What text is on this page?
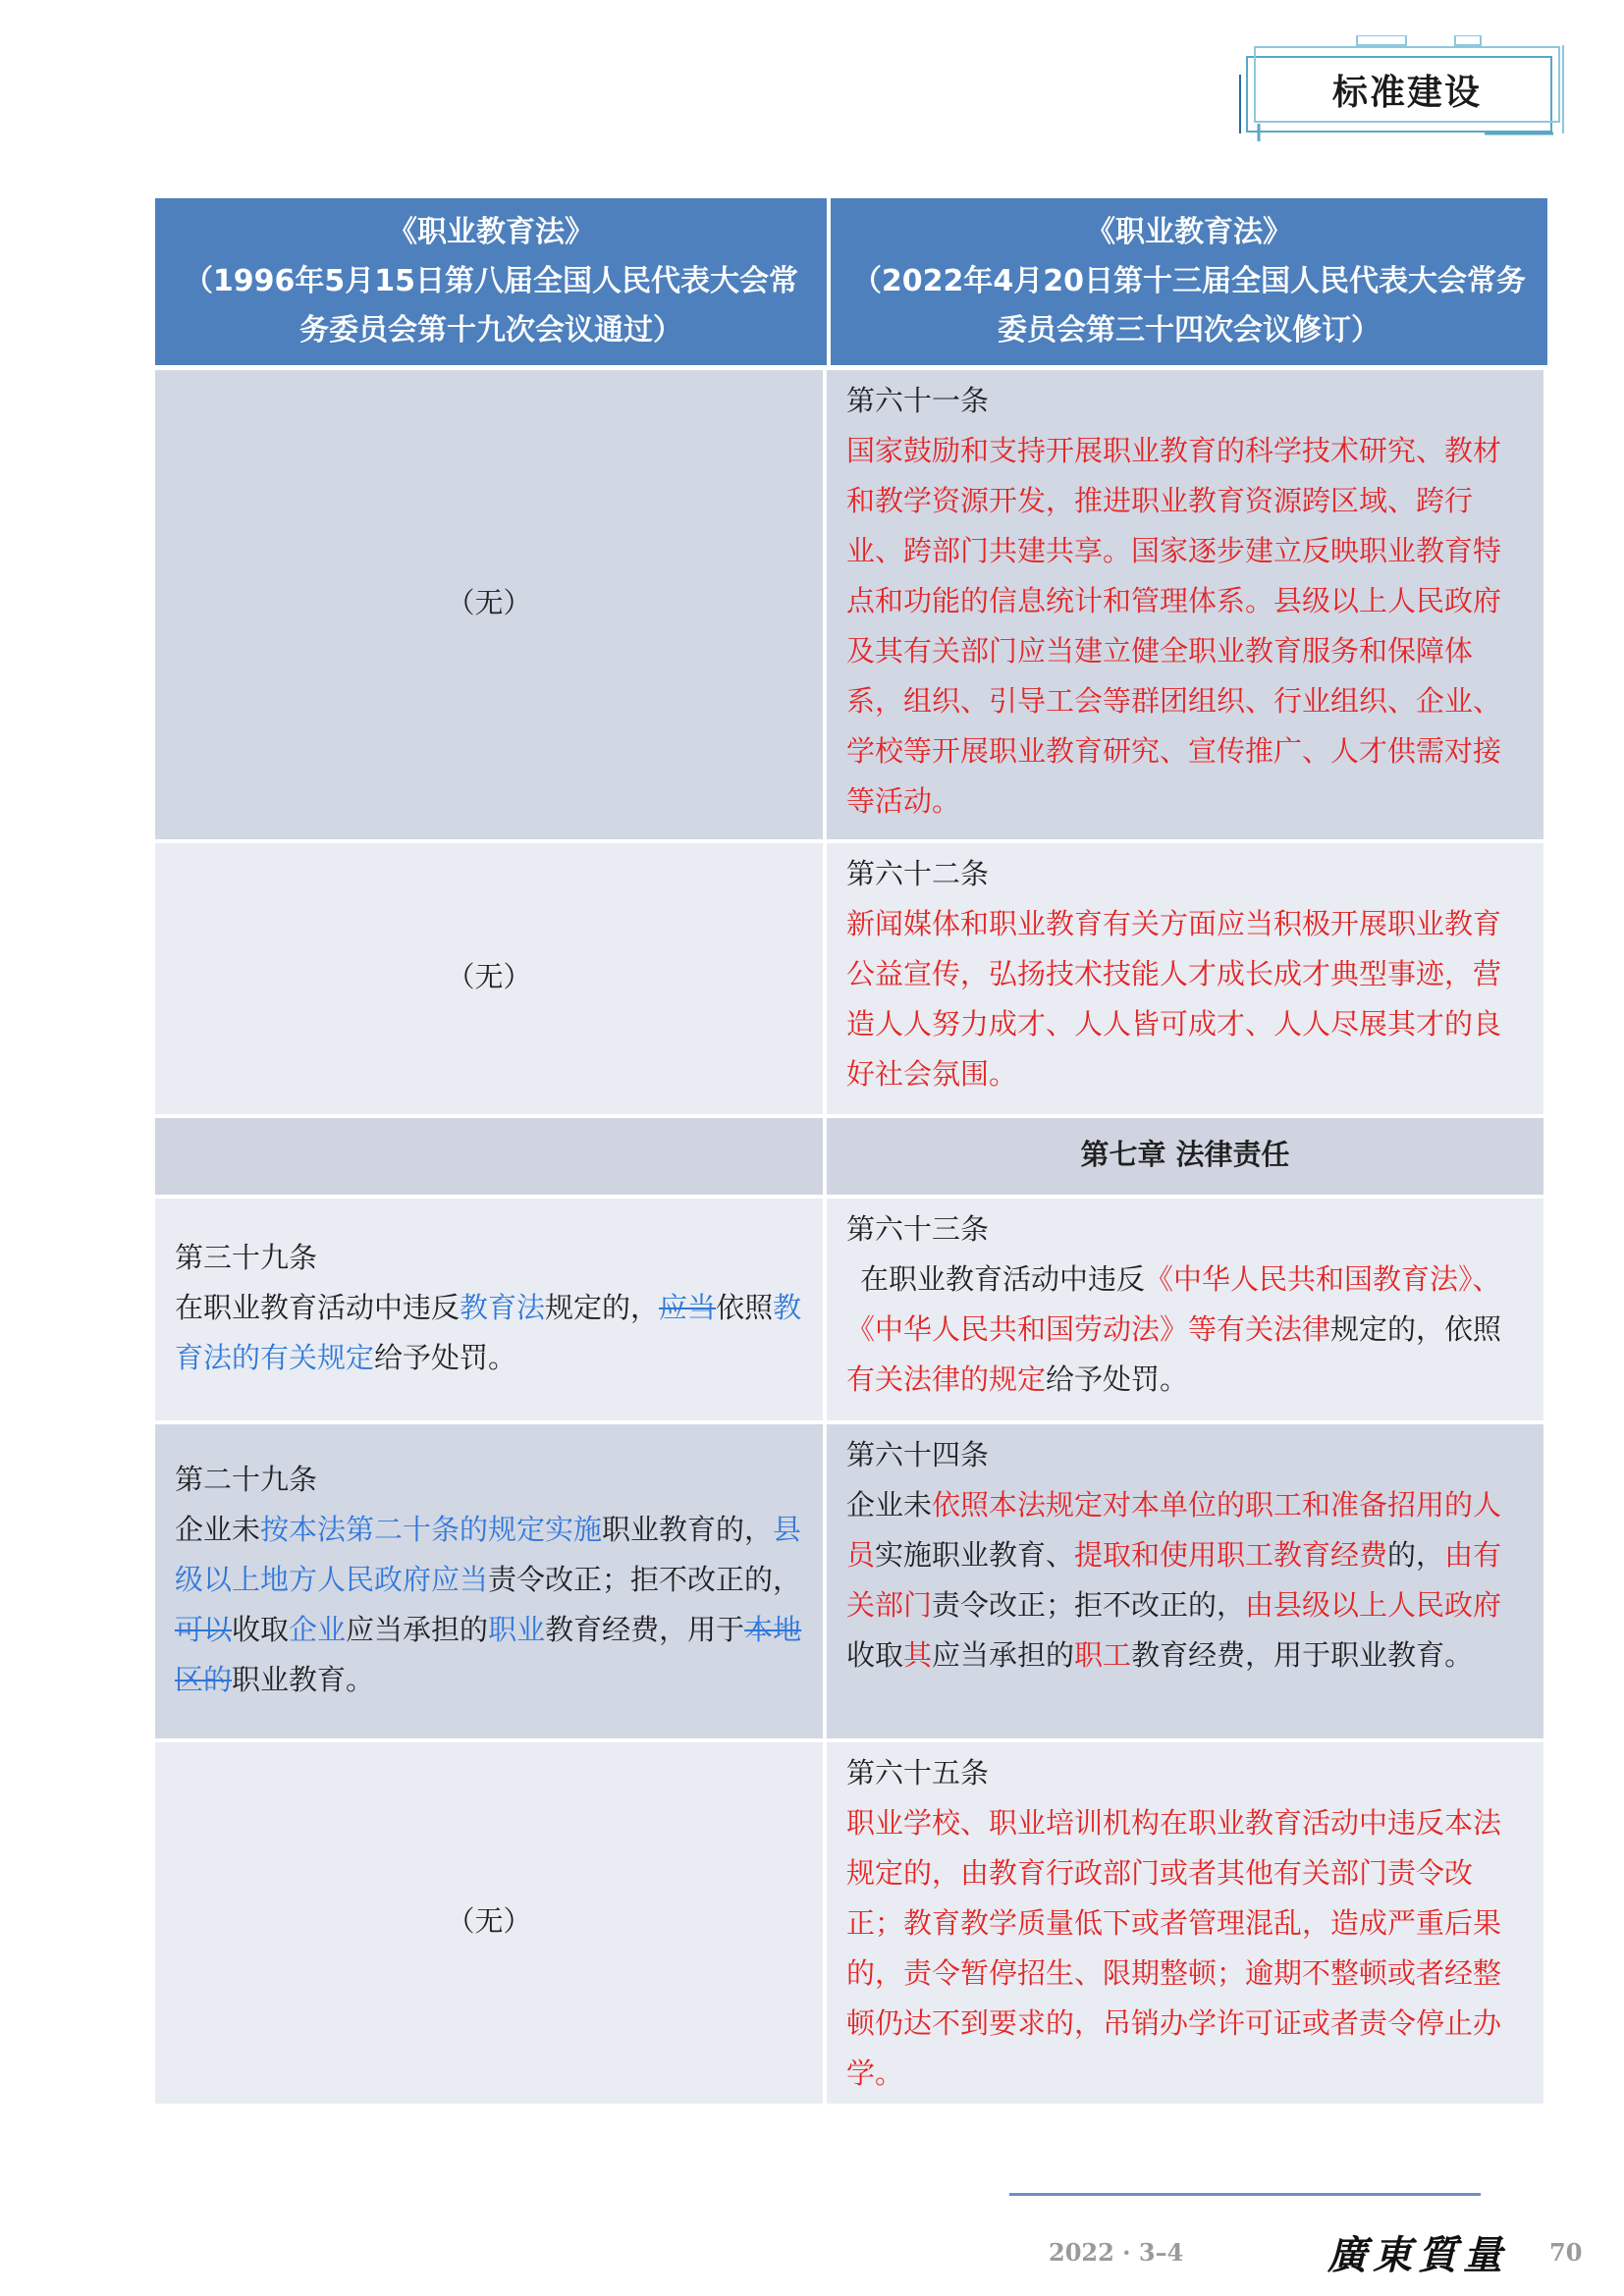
标准建设
《职业教育法》
（1996年5月15日第八届全国人民代表大会常
务委员会第十九次会议通过）
《职业教育法》
（2022年4月20日第十三届全国人民代表大会常务
委员会第三十四次会议修订）
（无）
第六十一条
国家鼓励和支持开展职业教育的科学技术研究、教材和教学资源开发，推进职业教育资源跨区域、跨行业、跨部门共建共享。国家逐步建立反映职业教育特点和功能的信息统计和管理体系。县级以上人民政府及其有关部门应当建立健全职业教育服务和保障体系，组织、引导工会等群团组织、行业组织、企业、学校等开展职业教育研究、宣传推广、人才供需对接等活动。
（无）
第六十二条
新闻媒体和职业教育有关方面应当积极开展职业教育公益宣传，弘扬技术技能人才成长成才典型事迹，营造人人努力成才、人人皆可成才、人人尽展其才的良好社会氛围。
第七章 法律责任
第三十九条
在职业教育活动中违反教育法规定的，应当依照教育法的有关规定给予处罚。
第六十三条
在职业教育活动中违反《中华人民共和国教育法》、《中华人民共和国劳动法》等有关法律规定的，依照有关法律的规定给予处罚。
第二十九条
企业未按本法第二十条的规定实施职业教育的，县级以上地方人民政府应当责令改正；拒不改正的，可以收取企业应当承担的职业教育经费，用于本地区的职业教育。
第六十四条
企业未依照本法规定对本单位的职工和准备招用的人员实施职业教育、提取和使用职工教育经费的，由有关部门责令改正；拒不改正的，由县级以上人民政府收取其应当承担的职工教育经费，用于职业教育。
（无）
第六十五条
职业学校、职业培训机构在职业教育活动中违反本法规定的，由教育行政部门或者其他有关部门责令改正；教育教学质量低下或者管理混乱，造成严重后果的，责令暂停招生、限期整顿；逾期不整顿或者经整顿仍达不到要求的，吊销办学许可证或者责令停止办学。
2022 · 3–4	廣東質量 70
